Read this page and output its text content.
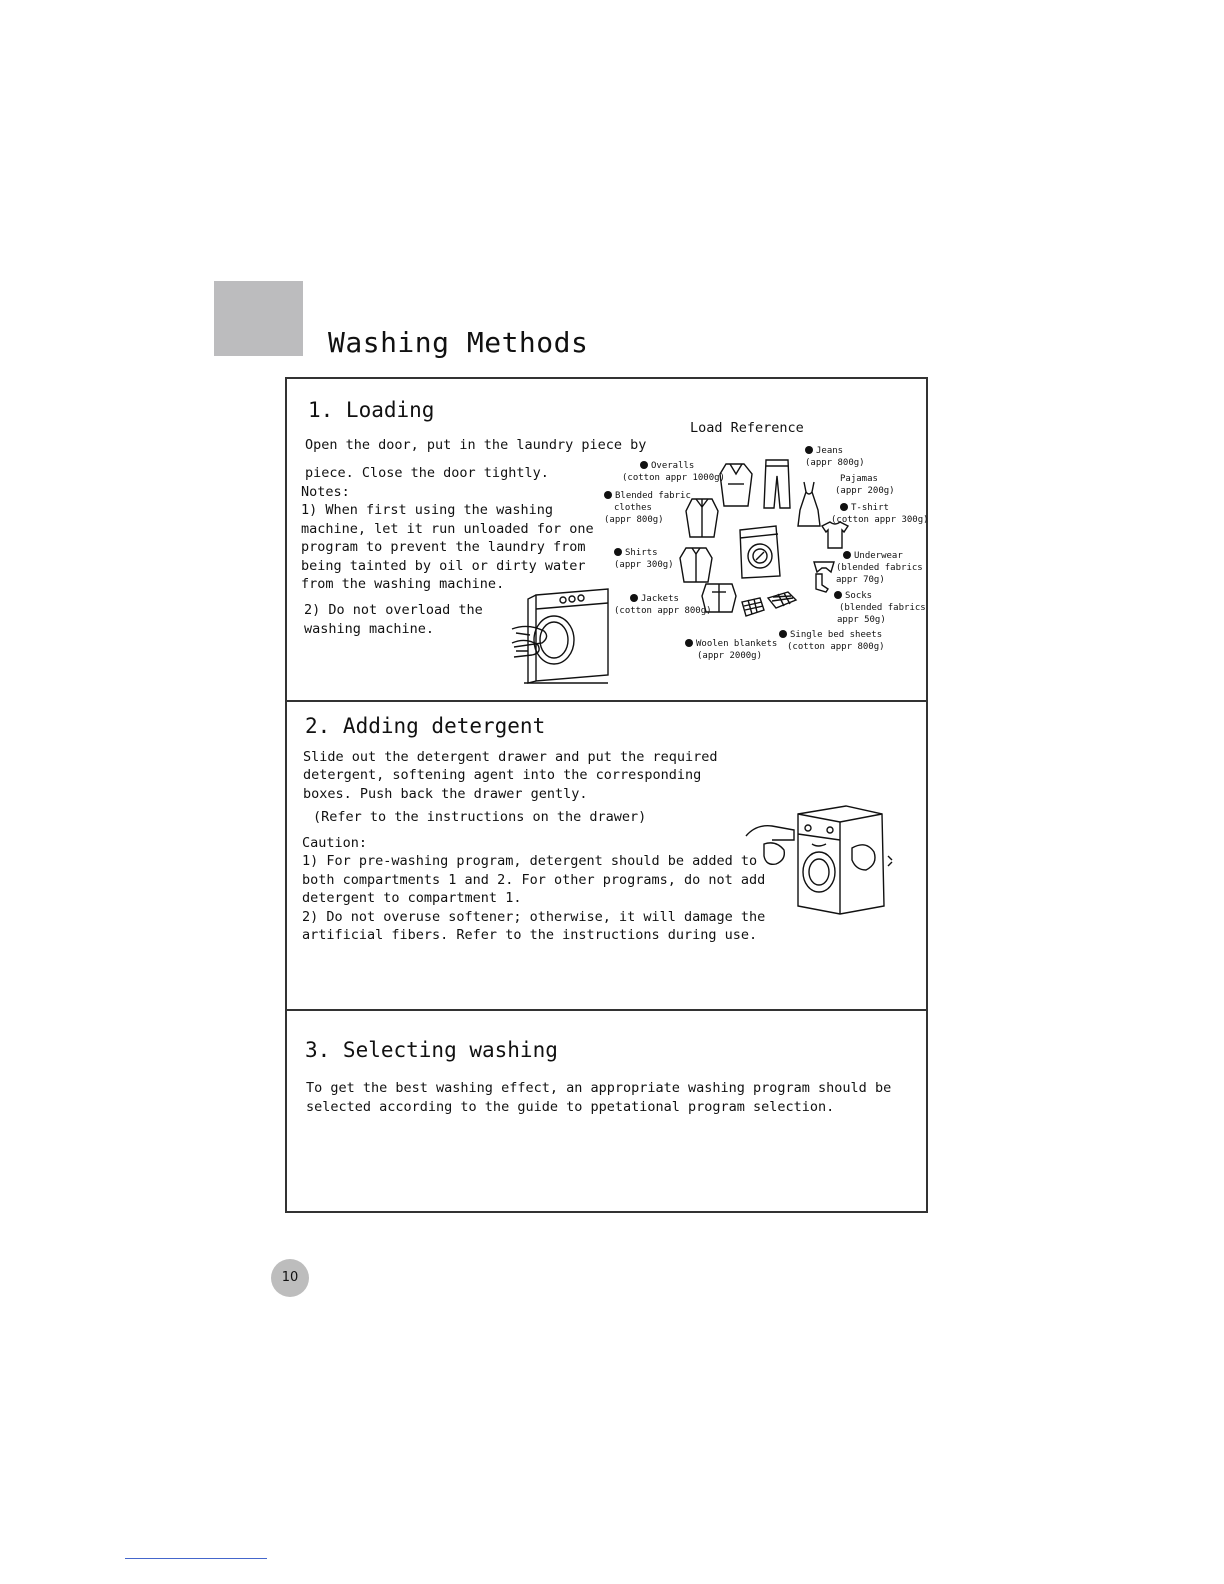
Washing Methods
1. Loading
Open the door, put in the laundry piece by
piece. Close the door tightly.
Notes:
1) When first using the washing
machine, let it run unloaded for one
program to prevent the laundry from
being tainted by oil or dirty water
from the washing machine.
2) Do not overload the
washing machine.
Load Reference
Jeans
(appr 800g)
Overalls
(cotton appr 1000g)	Pajamas
(appr 200g)
Blended fabric
clothes
(appr 800g)
T-shirt
(cotton appr 300g)
Shirts
(appr 300g)
Underwear
(blended fabrics
appr 70g)
Jackets
(cotton appr 800g)
Socks
(blended fabrics
appr 50g)
Single bed sheets
(cotton appr 800g)
Woolen blankets
(appr 2000g)
2. Adding detergent
Slide out the detergent drawer and put the required
detergent, softening agent into the corresponding
boxes. Push back the drawer gently.
(Refer to the instructions on the drawer)
Caution:
1) For pre-washing program, detergent should be added to
both compartments 1 and 2. For other programs, do not add
detergent to compartment 1.
2) Do not overuse softener; otherwise, it will damage the
artificial fibers. Refer to the instructions during use.
3. Selecting washing
To get the best washing effect, an appropriate washing program should be
selected according to the guide to ppetational program selection.
10
